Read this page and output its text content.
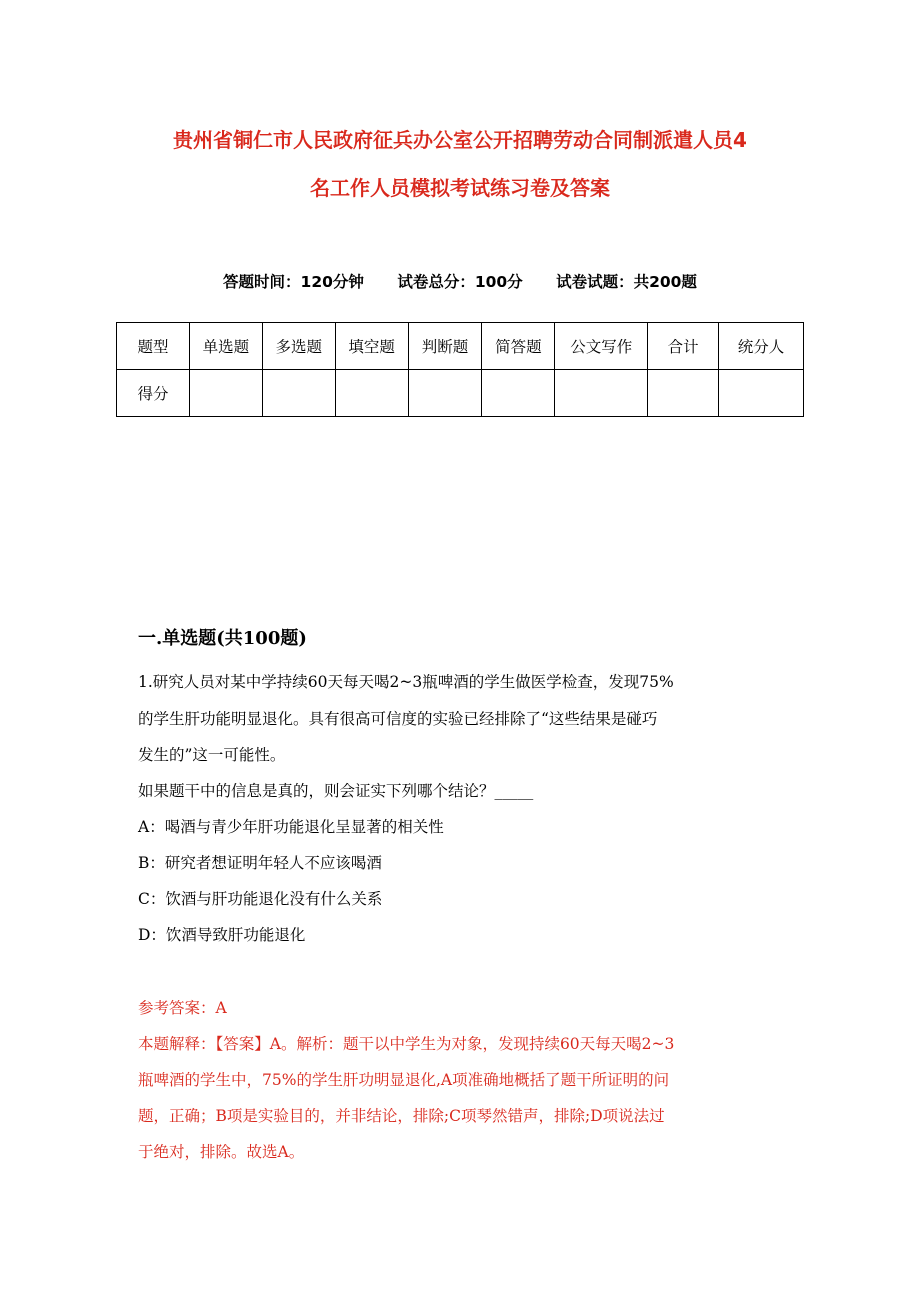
贵州省铜仁市人民政府征兵办公室公开招聘劳动合同制派遣人员4
名工作人员模拟考试练习卷及答案
答题时间：120分钟 试卷总分：100分 试卷试题：共200题
题型	单选题	多选题	填空题	判断题	简答题	公文写作	合计	统分人
得分								
一.单选题(共100题)
1.研究人员对某中学持续60天每天喝2~3瓶啤酒的学生做医学检查，发现75%
的学生肝功能明显退化。具有很高可信度的实验已经排除了“这些结果是碰巧
发生的”这一可能性。
如果题干中的信息是真的，则会证实下列哪个结论？_____
A：喝酒与青少年肝功能退化呈显著的相关性
B：研究者想证明年轻人不应该喝酒
C：饮酒与肝功能退化没有什么关系
D：饮酒导致肝功能退化
参考答案：A
本题解释：【答案】A。解析：题干以中学生为对象，发现持续60天每天喝2~3
瓶啤酒的学生中，75%的学生肝功明显退化,A项准确地概括了题干所证明的问
题，正确；B项是实验目的，并非结论，排除;C项琴然错声，排除;D项说法过
于绝对，排除。故选A。
